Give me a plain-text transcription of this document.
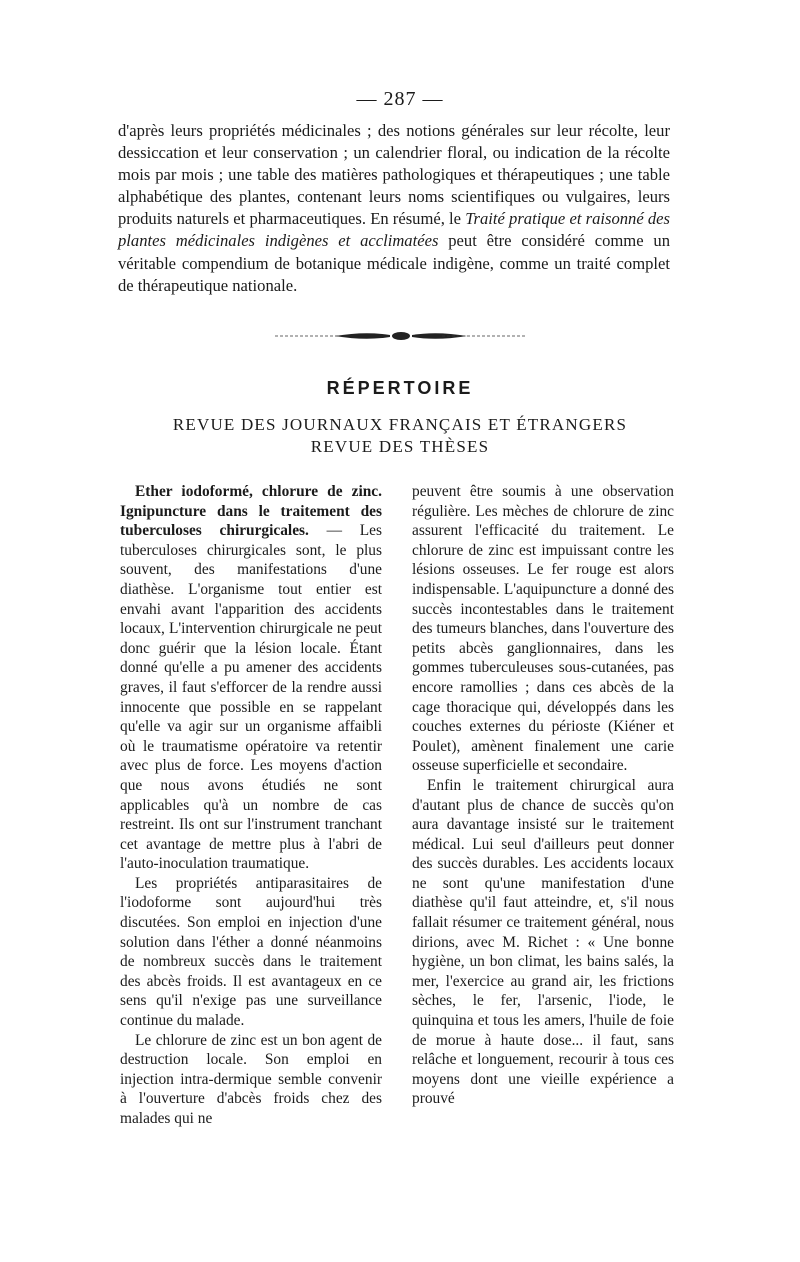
— 287 —

d'après leurs propriétés médicinales ; des notions générales sur leur récolte, leur dessiccation et leur conservation ; un calendrier floral, ou indication de la récolte mois par mois ; une table des matières pathologiques et thérapeutiques ; une table alphabétique des plantes, contenant leurs noms scientifiques ou vulgaires, leurs produits naturels et pharmaceutiques. En résumé, le Traité pratique et raisonné des plantes médicinales indigènes et acclimatées peut être considéré comme un véritable compendium de botanique médicale indigène, comme un traité complet de thérapeutique nationale.

RÉPERTOIRE
REVUE DES JOURNAUX FRANÇAIS ET ÉTRANGERS
REVUE DES THÈSES

Ether iodoformé, chlorure de zinc. Ignipuncture dans le traitement des tuberculoses chirurgicales. — Les tuberculoses chirurgicales sont, le plus souvent, des manifestations d'une diathèse. L'organisme tout entier est envahi avant l'apparition des accidents locaux, L'intervention chirurgicale ne peut donc guérir que la lésion locale. Étant donné qu'elle a pu amener des accidents graves, il faut s'efforcer de la rendre aussi innocente que possible en se rappelant qu'elle va agir sur un organisme affaibli où le traumatisme opératoire va retentir avec plus de force. Les moyens d'action que nous avons étudiés ne sont applicables qu'à un nombre de cas restreint. Ils ont sur l'instrument tranchant cet avantage de mettre plus à l'abri de l'auto-inoculation traumatique.

Les propriétés antiparasitaires de l'iodoforme sont aujourd'hui très discutées. Son emploi en injection d'une solution dans l'éther a donné néanmoins de nombreux succès dans le traitement des abcès froids. Il est avantageux en ce sens qu'il n'exige pas une surveillance continue du malade.

Le chlorure de zinc est un bon agent de destruction locale. Son emploi en injection intra-dermique semble convenir à l'ouverture d'abcès froids chez des malades qui ne

peuvent être soumis à une observation régulière. Les mèches de chlorure de zinc assurent l'efficacité du traitement. Le chlorure de zinc est impuissant contre les lésions osseuses. Le fer rouge est alors indispensable. L'aquipuncture a donné des succès incontestables dans le traitement des tumeurs blanches, dans l'ouverture des petits abcès ganglionnaires, dans les gommes tuberculeuses sous-cutanées, pas encore ramollies ; dans ces abcès de la cage thoracique qui, développés dans les couches externes du périoste (Kiéner et Poulet), amènent finalement une carie osseuse superficielle et secondaire.

Enfin le traitement chirurgical aura d'autant plus de chance de succès qu'on aura davantage insisté sur le traitement médical. Lui seul d'ailleurs peut donner des succès durables. Les accidents locaux ne sont qu'une manifestation d'une diathèse qu'il faut atteindre, et, s'il nous fallait résumer ce traitement général, nous dirions, avec M. Richet : « Une bonne hygiène, un bon climat, les bains salés, la mer, l'exercice au grand air, les frictions sèches, le fer, l'arsenic, l'iode, le quinquina et tous les amers, l'huile de foie de morue à haute dose... il faut, sans relâche et longuement, recourir à tous ces moyens dont une vieille expérience a prouvé
